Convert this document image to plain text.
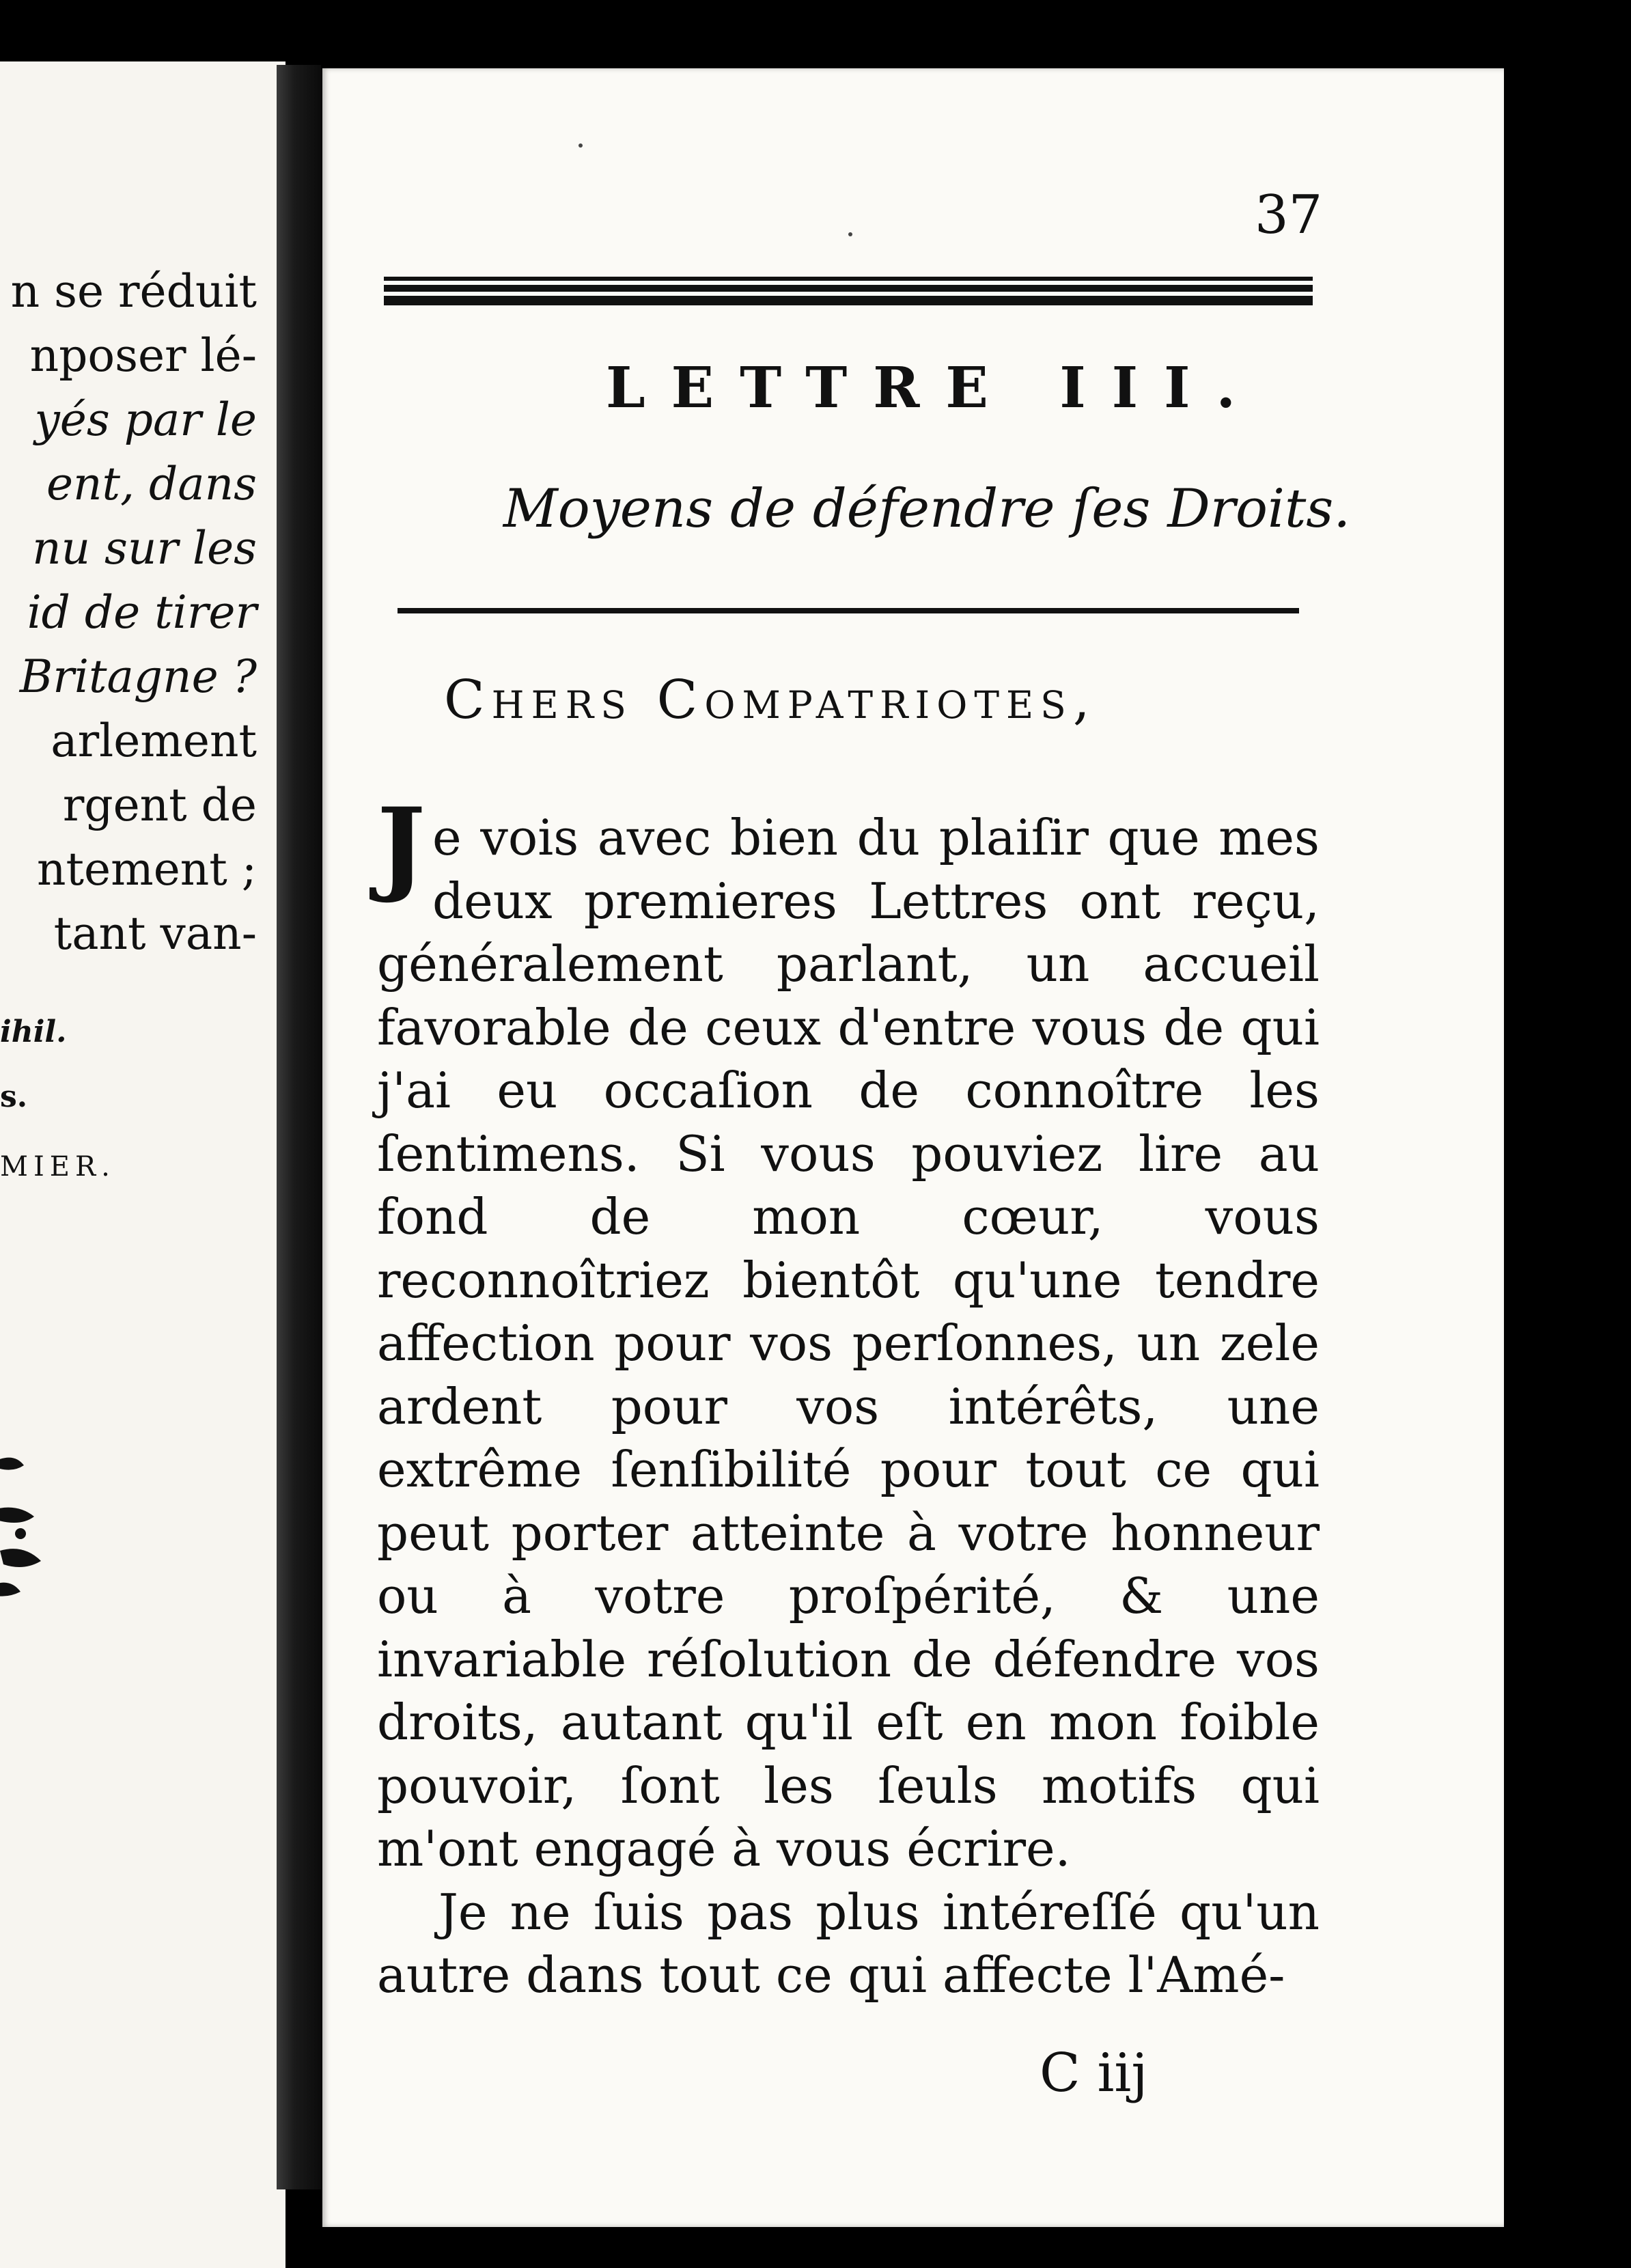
n se réduit
nposer lé-
yés par le
ent, dans
nu sur les
id de tirer
Britagne ?
arlement
rgent de
ntement ;
tant van-
ihil.
s.
MIER.
37
LETTRE III.
Moyens de défendre ſes Droits.
Chers Compatriotes,

Je vois avec bien du plaiſir que mes deux premieres Lettres ont reçu, généralement parlant, un accueil favorable de ceux d'entre vous de qui j'ai eu occaſion de connoître les ſentimens. Si vous pouviez lire au fond de mon cœur, vous reconnoîtriez bientôt qu'une tendre affection pour vos perſonnes, un zele ardent pour vos intérêts, une extrême ſenſibilité pour tout ce qui peut porter atteinte à votre honneur ou à votre proſpérité, & une invariable réſolution de défendre vos droits, autant qu'il eſt en mon foible pouvoir, ſont les ſeuls motifs qui m'ont engagé à vous écrire.

Je ne ſuis pas plus intéreſſé qu'un autre dans tout ce qui affecte l'Amé-

C iij
